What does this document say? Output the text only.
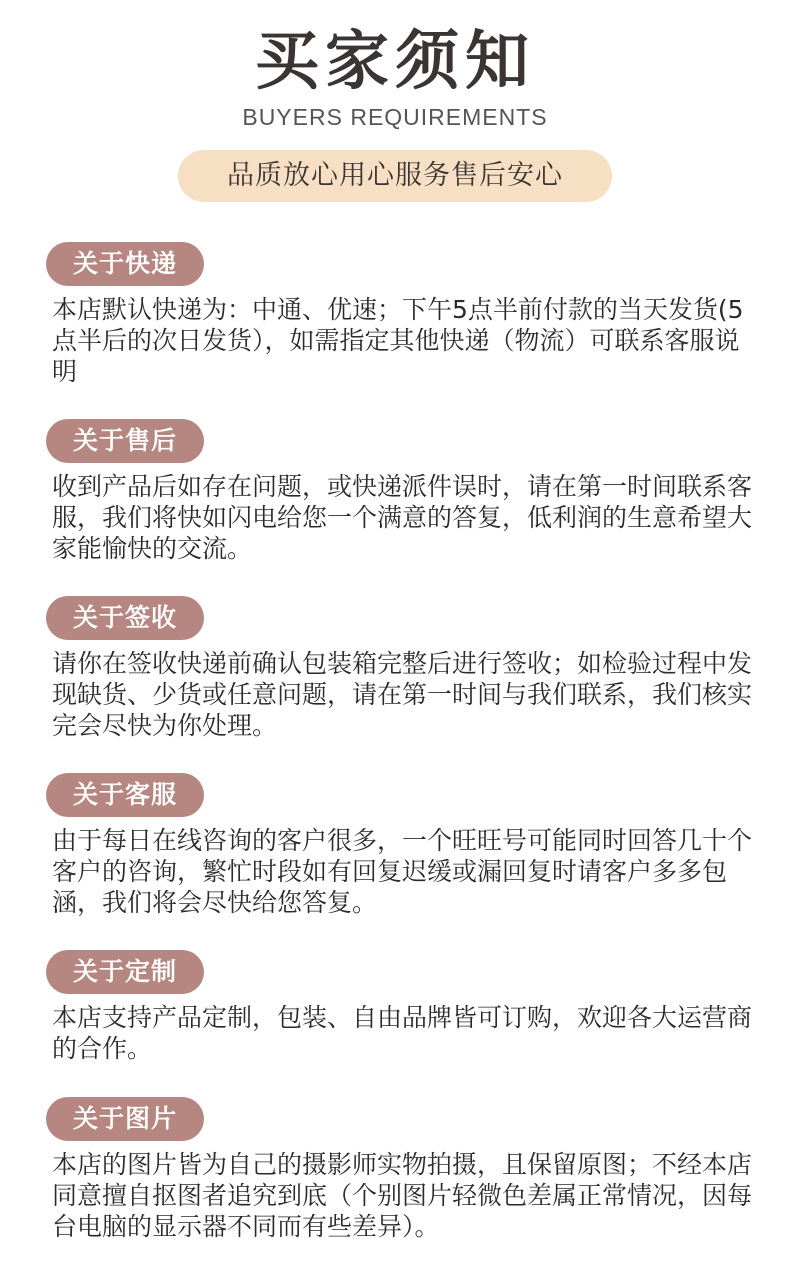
买家须知
BUYERS REQUIREMENTS
品质放心用心服务售后安心
关于快递
本店默认快递为：中通、优速；下午5点半前付款的当天发货(5点半后的次日发货），如需指定其他快递（物流）可联系客服说明
关于售后
收到产品后如存在问题，或快递派件误时，请在第一时间联系客服，我们将快如闪电给您一个满意的答复，低利润的生意希望大家能愉快的交流。
关于签收
请你在签收快递前确认包装箱完整后进行签收；如检验过程中发现缺货、少货或任意问题，请在第一时间与我们联系，我们核实完会尽快为你处理。
关于客服
由于每日在线咨询的客户很多，一个旺旺号可能同时回答几十个客户的咨询，繁忙时段如有回复迟缓或漏回复时请客户多多包涵，我们将会尽快给您答复。
关于定制
本店支持产品定制，包装、自由品牌皆可订购，欢迎各大运营商的合作。
关于图片
本店的图片皆为自己的摄影师实物拍摄，且保留原图；不经本店同意擅自抠图者追究到底（个别图片轻微色差属正常情况，因每台电脑的显示器不同而有些差异）。
